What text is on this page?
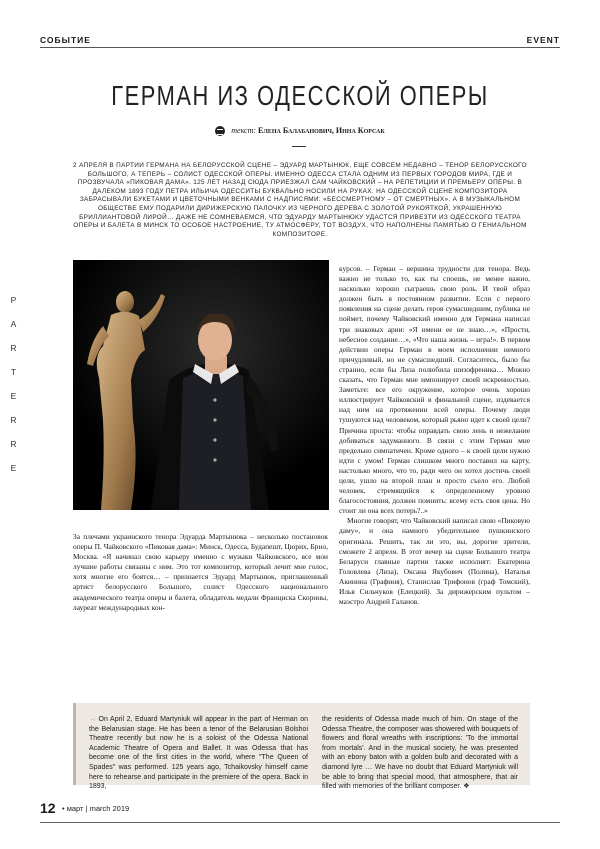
СОБЫТИЕ	EVENT
ГЕРМАН ИЗ ОДЕССКОЙ ОПЕРЫ
текст: Елена Балабанович, Инна Корсак
2 АПРЕЛЯ В ПАРТИИ ГЕРМАНА НА БЕЛОРУССКОЙ СЦЕНЕ – ЭДУАРД МАРТЫНЮК, ЕЩЕ СОВСЕМ НЕДАВНО – ТЕНОР БЕЛОРУССКОГО БОЛЬШОГО, А ТЕПЕРЬ – СОЛИСТ ОДЕССКОЙ ОПЕРЫ. ИМЕННО ОДЕССА СТАЛА ОДНИМ ИЗ ПЕРВЫХ ГОРОДОВ МИРА, ГДЕ И ПРОЗВУЧАЛА «ПИКОВАЯ ДАМА». 125 ЛЕТ НАЗАД СЮДА ПРИЕЗЖАЛ САМ ЧАЙКОВСКИЙ – НА РЕПЕТИЦИИ И ПРЕМЬЕРУ ОПЕРЫ. В ДАЛЕКОМ 1893 ГОДУ ПЕТРА ИЛЬИЧА ОДЕССИТЫ БУКВАЛЬНО НОСИЛИ НА РУКАХ. НА ОДЕССКОЙ СЦЕНЕ КОМПОЗИТОРА ЗАБРАСЫВАЛИ БУКЕТАМИ И ЦВЕТОЧНЫМИ ВЕНКАМИ С НАДПИСЯМИ: «БЕССМЕРТНОМУ – ОТ СМЕРТНЫХ». А В МУЗЫКАЛЬНОМ ОБЩЕСТВЕ ЕМУ ПОДАРИЛИ ДИРИЖЕРСКУЮ ПАЛОЧКУ ИЗ ЧЕРНОГО ДЕРЕВА С ЗОЛОТОЙ РУКОЯТКОЙ, УКРАШЕННУЮ БРИЛЛИАНТОВОЙ ЛИРОЙ… ДАЖЕ НЕ СОМНЕВАЕМСЯ, ЧТО ЭДУАРДУ МАРТЫНЮКУ УДАСТСЯ ПРИВЕЗТИ ИЗ ОДЕССКОГО ТЕАТРА ОПЕРЫ И БАЛЕТА В МИНСК ТО ОСОБОЕ НАСТРОЕНИЕ, ТУ АТМОСФЕРУ, ТОТ ВОЗДУХ, ЧТО НАПОЛНЕНЫ ПАМЯТЬЮ О ГЕНИАЛЬНОМ КОМПОЗИТОРЕ.
P
A
R
T
E
R
R
E

За плечами украинского тенора Эдуарда Мартынюка – несколько постановок оперы П. Чайковского «Пиковая дама»: Минск, Одесса, Будапешт, Цюрих, Брно, Москва. «Я начинал свою карьеру именно с музыки Чайковского, все мои лучшие работы связаны с ним. Это тот композитор, который лечит мне голос, хотя многие его боятся… – признается Эдуард Мартынюк, приглашенный артист белорусского Большого, солист Одесского национального академического театра оперы и балета, обладатель медали Франциска Скорины, лауреат международных кон-

курсов. – Герман – вершина трудности для тенора. Ведь важно не только то, как ты споешь, не менее важно, насколько хорошо сыграешь свою роль. И твой образ должен быть в постоянном развитии. Если с первого появления на сцене делать героя сумасшедшим, публика не поймет, почему Чайковский именно для Германа написал три знаковых арии: «Я имени ее не знаю…», «Прости, небесное создание…», «Что наша жизнь – игра!». В первом действии оперы Герман в моем исполнении немного причудливый, но не сумасшедший. Согласитесь, было бы странно, если бы Лиза полюбила шизофреника… Можно сказать, что Герман мне импонирует своей искренностью. Заметьте: все его окружение, которое очень хорошо иллюстрирует Чайковский в финальной сцене, издевается над ним на протяжении всей оперы. Почему люди тушуются над человеком, который рьяно идет к своей цели? Причина проста: чтобы оправдать свою лень и нежелание добиваться задуманного. В связи с этим Герман мне предельно симпатичен. Кроме одного – к своей цели нужно идти с умом! Герман слишком много поставил на карту, настолько много, что то, ради чего он хотел достичь своей цели, ушло на второй план и просто съело его. Любой человек, стремящийся к определенному уровню благосостояния, должен помнить: всему есть своя цена. Но стоит ли она всех потерь?..»

Многие говорят, что Чайковский написал свою «Пиковую даму», и она намного убедительнее пушкинского оригинала. Решить, так ли это, вы, дорогие зрители, сможете 2 апреля. В этот вечер на сцене Большого театра Беларуси главные партии также исполнят: Екатерина Головлева (Лиза), Оксана Якубович (Полина), Наталья Акинина (Графиня), Станислав Трифонов (граф Томский), Илья Сильчуков (Елецкий). За дирижерским пультом – маэстро Андрей Галанов.

→ On April 2, Eduard Martyniuk will appear in the part of Herman on the Belarusian stage. He has been a tenor of the Belarusian Bolshoi Theatre recently but now he is a soloist of the Odessa National Academic Theatre of Opera and Ballet. It was Odessa that has become one of the first cities in the world, where "The Queen of Spades" was performed. 125 years ago, Tchaikovsky himself came here to rehearse and participate in the premiere of the opera. Back in 1893,
the residents of Odessa made much of him. On stage of the Odessa Theatre, the composer was showered with bouquets of flowers and floral wreaths with inscriptions: 'To the immortal from mortals'. And in the musical society, he was presented with an ebony baton with a golden bulb and decorated with a diamond lyre … We have no doubt that Eduard Martyniuk will be able to bring that special mood, that atmosphere, that air filled with memories of the brilliant composer. ❖
12 • март | march 2019
